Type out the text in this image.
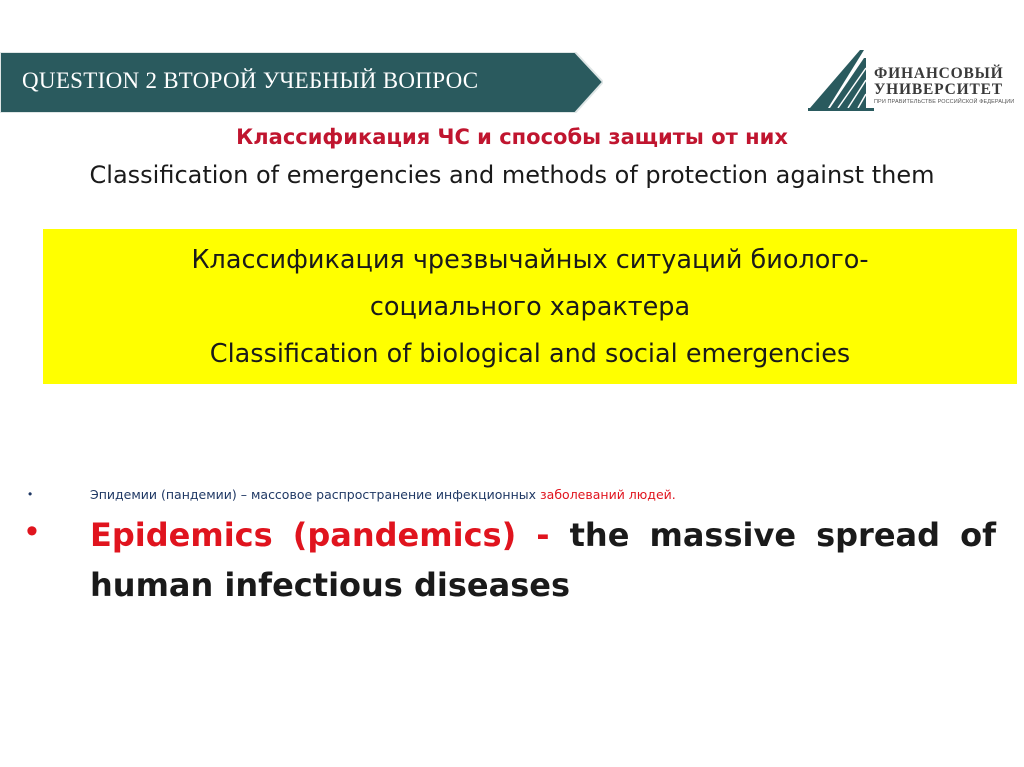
QUESTION 2 ВТОРОЙ УЧЕБНЫЙ ВОПРОС	ФИНАНСОВЫЙ
УНИВЕРСИТЕТ
ПРИ ПРАВИТЕЛЬСТВЕ РОССИЙСКОЙ ФЕДЕРАЦИИ
Классификация ЧС и способы защиты от них
Classification of emergencies and methods of protection against them
Классификация чрезвычайных ситуаций биолого-
социального характера
Classification of biological and social emergencies
•	Эпидемии (пандемии) – массовое распространение инфекционных заболеваний людей.
• Epidemics (pandemics) - the massive spread of human infectious diseases
